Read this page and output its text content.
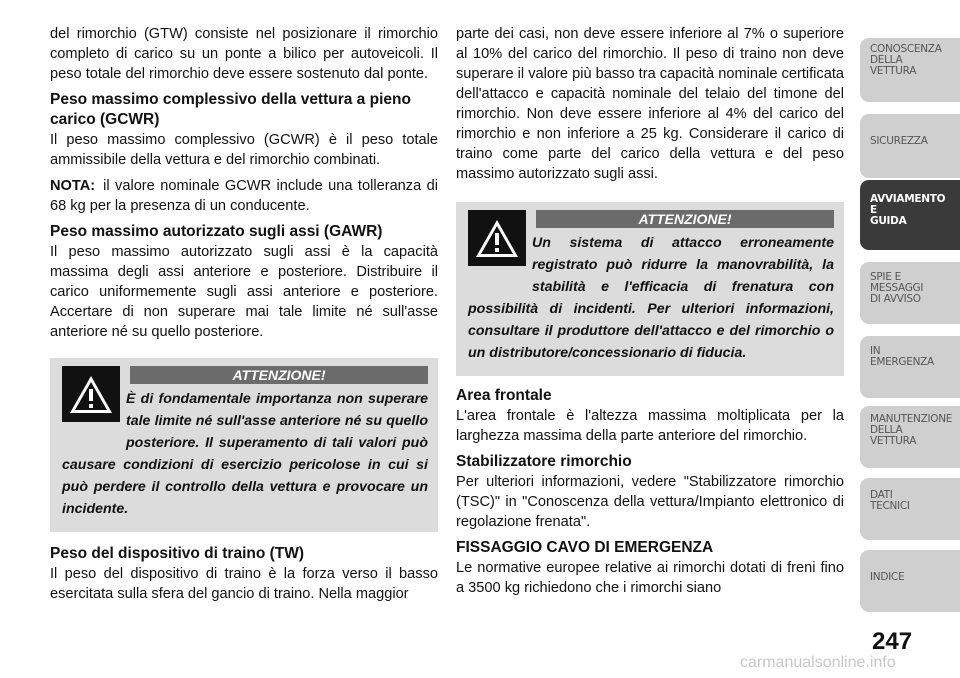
del rimorchio (GTW) consiste nel posizionare il rimorchio completo di carico su un ponte a bilico per autoveicoli. Il peso totale del rimorchio deve essere sostenuto dal ponte.

Peso massimo complessivo della vettura a pieno carico (GCWR)

Il peso massimo complessivo (GCWR) è il peso totale ammissibile della vettura e del rimorchio combinati.

NOTA: il valore nominale GCWR include una tolleranza di 68 kg per la presenza di un conducente.

Peso massimo autorizzato sugli assi (GAWR)

Il peso massimo autorizzato sugli assi è la capacità massima degli assi anteriore e posteriore. Distribuire il carico uniformemente sugli assi anteriore e posteriore. Accertare di non superare mai tale limite né sull'asse anteriore né su quello posteriore.

ATTENZIONE!
È di fondamentale importanza non superare tale limite né sull'asse anteriore né su quello posteriore. Il superamento di tali valori può causare condizioni di esercizio pericolose in cui si può perdere il controllo della vettura e provocare un incidente.
Peso del dispositivo di traino (TW)

Il peso del dispositivo di traino è la forza verso il basso esercitata sulla sfera del gancio di traino. Nella maggior

parte dei casi, non deve essere inferiore al 7% o superiore al 10% del carico del rimorchio. Il peso di traino non deve superare il valore più basso tra capacità nominale certificata dell'attacco e capacità nominale del telaio del timone del rimorchio. Non deve essere inferiore al 4% del carico del rimorchio e non inferiore a 25 kg. Considerare il carico di traino come parte del carico della vettura e del peso massimo autorizzato sugli assi.

ATTENZIONE!
Un sistema di attacco erroneamente registrato può ridurre la manovrabilità, la stabilità e l'efficacia di frenatura con possibilità di incidenti. Per ulteriori informazioni, consultare il produttore dell'attacco e del rimorchio o un distributore/concessionario di fiducia.
Area frontale

L'area frontale è l'altezza massima moltiplicata per la larghezza massima della parte anteriore del rimorchio.

Stabilizzatore rimorchio

Per ulteriori informazioni, vedere "Stabilizzatore rimorchio (TSC)" in "Conoscenza della vettura/Impianto elettronico di regolazione frenata".

FISSAGGIO CAVO DI EMERGENZA

Le normative europee relative ai rimorchi dotati di freni fino a 3500 kg richiedono che i rimorchi siano

CONOSCENZA
DELLA
VETTURA
SICUREZZA
AVVIAMENTO
E
GUIDA
SPIE E
MESSAGGI
DI AVVISO
IN
EMERGENZA
MANUTENZIONE
DELLA
VETTURA
DATI
TECNICI
INDICE
247
carmanualsonline.info
